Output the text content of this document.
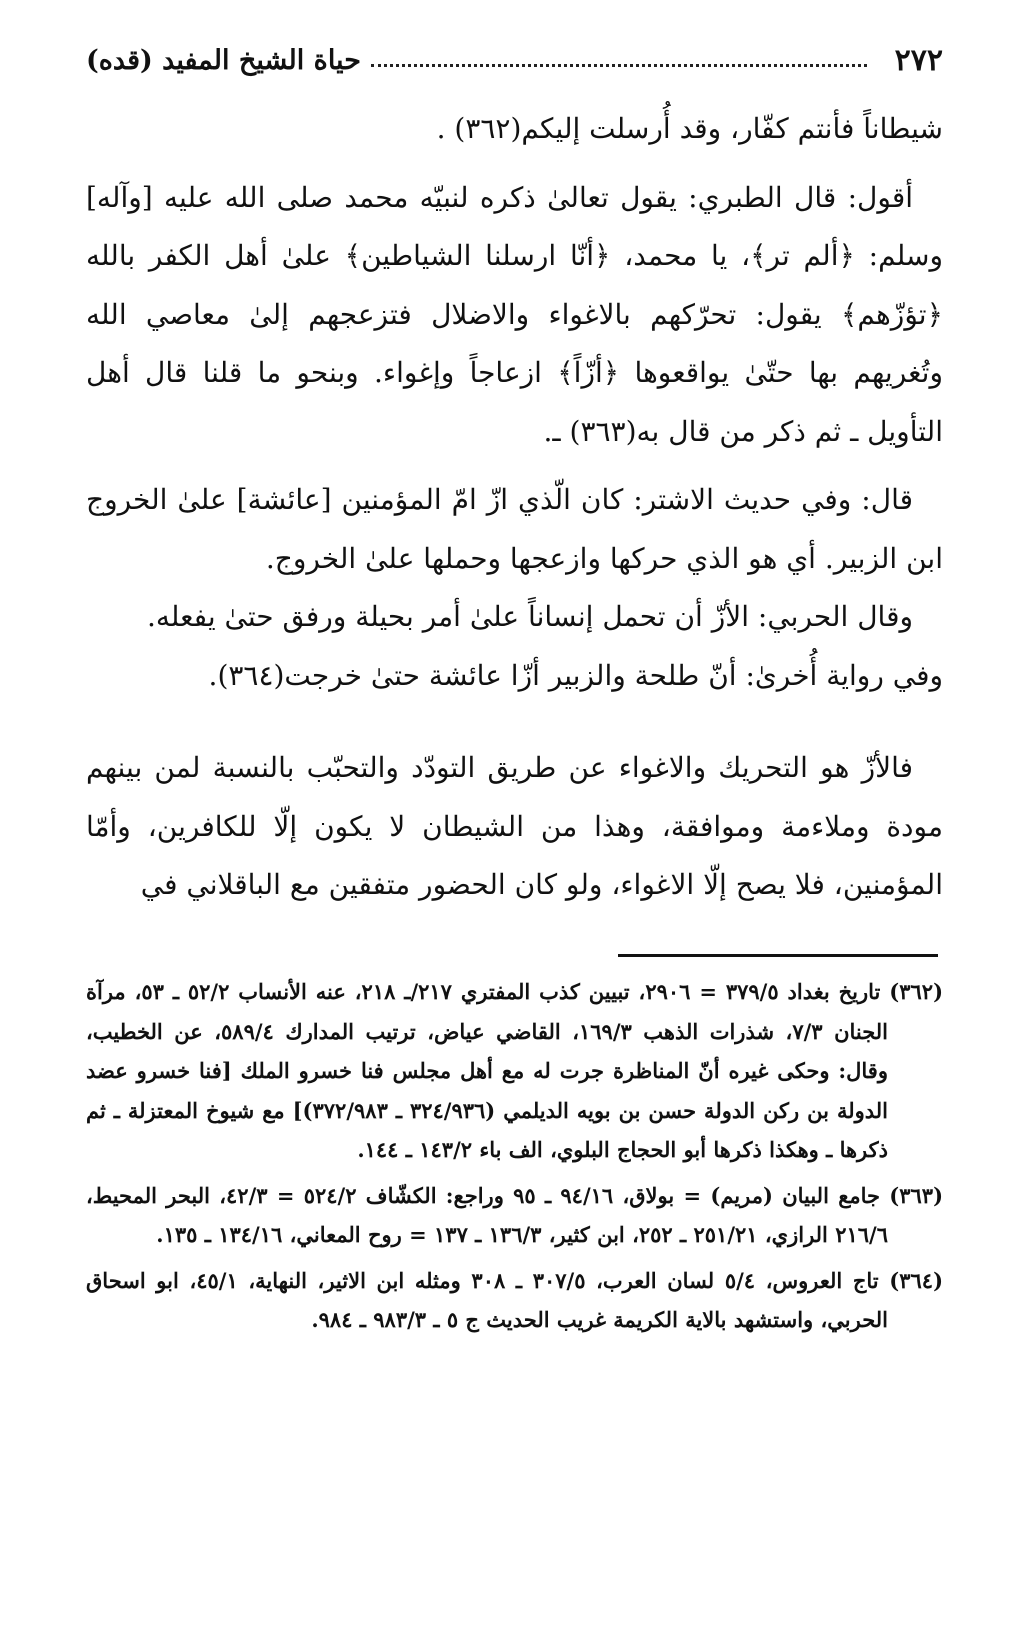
٢٧٢
حياة الشيخ المفيد (قده)

شيطاناً فأنتم كفّار، وقد أُرسلت إليكم(٣٦٢) .

أقول: قال الطبري: يقول تعالىٰ ذكره لنبيّه محمد صلى الله عليه [وآله] وسلم: ﴿ألم تر﴾، يا محمد، ﴿أنّا ارسلنا الشياطين﴾ علىٰ أهل الكفر بالله ﴿تؤزّهم﴾ يقول: تحرّكهم بالاغواء والاضلال فتزعجهم إلىٰ معاصي الله وتُغريهم بها حتّىٰ يواقعوها ﴿أزّاً﴾ ازعاجاً وإغواء. وبنحو ما قلنا قال أهل التأويل ـ ثم ذكر من قال به(٣٦٣) ـ.

قال: وفي حديث الاشتر: كان الّذي ازّ امّ المؤمنين [عائشة] علىٰ الخروج ابن الزبير. أي هو الذي حركها وازعجها وحملها علىٰ الخروج.

وقال الحربي: الأزّ أن تحمل إنساناً علىٰ أمر بحيلة ورفق حتىٰ يفعله.

وفي رواية أُخرىٰ: أنّ طلحة والزبير أزّا عائشة حتىٰ خرجت(٣٦٤).

فالأزّ هو التحريك والاغواء عن طريق التودّد والتحبّب بالنسبة لمن بينهم مودة وملاءمة وموافقة، وهذا من الشيطان لا يكون إلّا للكافرين، وأمّا المؤمنين، فلا يصح إلّا الاغواء، ولو كان الحضور متفقين مع الباقلاني في

(٣٦٢) تاريخ بغداد ٣٧٩/٥ = ٢٩٠٦، تبيين كذب المفتري ٢١٧/ـ ٢١٨، عنه الأنساب ٥٢/٢ ـ ٥٣، مرآة الجنان ٧/٣، شذرات الذهب ١٦٩/٣، القاضي عياض، ترتيب المدارك ٥٨٩/٤، عن الخطيب، وقال: وحكى غيره أنّ المناظرة جرت له مع أهل مجلس فنا خسرو الملك [فنا خسرو عضد الدولة بن ركن الدولة حسن بن بويه الديلمي (٣٢٤/٩٣٦ ـ ٣٧٢/٩٨٣)] مع شيوخ المعتزلة ـ ثم ذكرها ـ وهكذا ذكرها أبو الحجاج البلوي، الف باء ١٤٣/٢ ـ ١٤٤.

(٣٦٣) جامع البيان (مريم) = بولاق، ٩٤/١٦ ـ ٩٥ وراجع: الكشّاف ٥٢٤/٢ = ٤٢/٣، البحر المحيط، ٢١٦/٦ الرازي، ٢٥١/٢١ ـ ٢٥٢، ابن كثير، ١٣٦/٣ ـ ١٣٧ = روح المعاني، ١٣٤/١٦ ـ ١٣٥.

(٣٦٤) تاج العروس، ٥/٤ لسان العرب، ٣٠٧/٥ ـ ٣٠٨ ومثله ابن الاثير، النهاية، ٤٥/١، ابو اسحاق الحربي، واستشهد بالاية الكريمة غريب الحديث ج ٥ ـ ٩٨٣/٣ ـ ٩٨٤.
